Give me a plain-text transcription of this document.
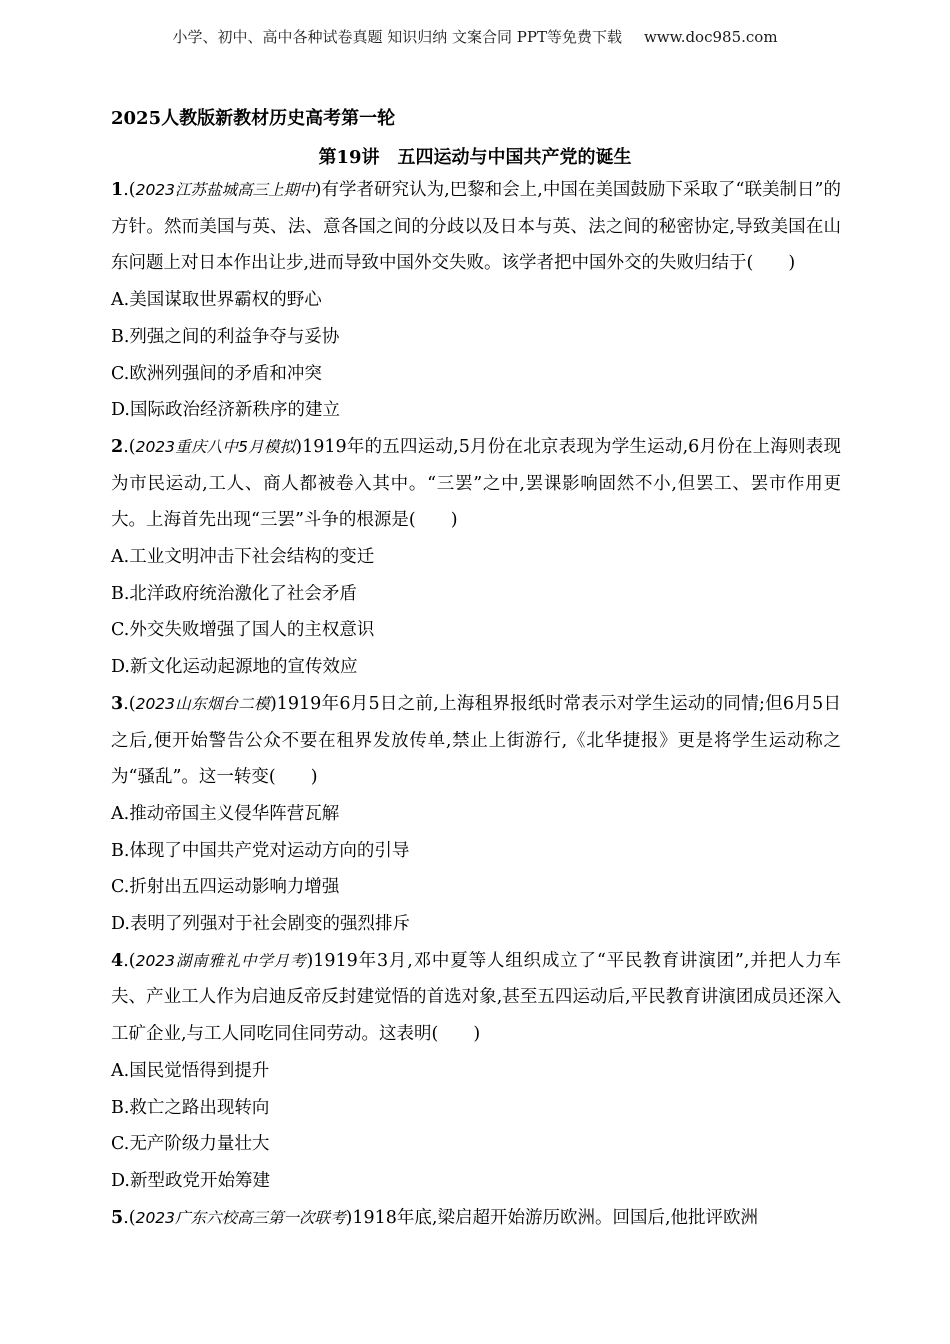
小学、初中、高中各种试卷真题 知识归纳 文案合同 PPT等免费下载 www.doc985.com
2025人教版新教材历史高考第一轮
第19讲　五四运动与中国共产党的诞生
1.(2023江苏盐城高三上期中)有学者研究认为,巴黎和会上,中国在美国鼓励下采取了“联美制日”的方针。然而美国与英、法、意各国之间的分歧以及日本与英、法之间的秘密协定,导致美国在山东问题上对日本作出让步,进而导致中国外交失败。该学者把中国外交的失败归结于(　　)
A.美国谋取世界霸权的野心
B.列强之间的利益争夺与妥协
C.欧洲列强间的矛盾和冲突
D.国际政治经济新秩序的建立
2.(2023重庆八中5月模拟)1919年的五四运动,5月份在北京表现为学生运动,6月份在上海则表现为市民运动,工人、商人都被卷入其中。“三罢”之中,罢课影响固然不小,但罢工、罢市作用更大。上海首先出现“三罢”斗争的根源是(　　)
A.工业文明冲击下社会结构的变迁
B.北洋政府统治激化了社会矛盾
C.外交失败增强了国人的主权意识
D.新文化运动起源地的宣传效应
3.(2023山东烟台二模)1919年6月5日之前,上海租界报纸时常表示对学生运动的同情;但6月5日之后,便开始警告公众不要在租界发放传单,禁止上街游行,《北华捷报》更是将学生运动称之为“骚乱”。这一转变(　　)
A.推动帝国主义侵华阵营瓦解
B.体现了中国共产党对运动方向的引导
C.折射出五四运动影响力增强
D.表明了列强对于社会剧变的强烈排斥
4.(2023湖南雅礼中学月考)1919年3月,邓中夏等人组织成立了“平民教育讲演团”,并把人力车夫、产业工人作为启迪反帝反封建觉悟的首选对象,甚至五四运动后,平民教育讲演团成员还深入工矿企业,与工人同吃同住同劳动。这表明(　　)
A.国民觉悟得到提升
B.救亡之路出现转向
C.无产阶级力量壮大
D.新型政党开始筹建
5.(2023广东六校高三第一次联考)1918年底,梁启超开始游历欧洲。回国后,他批评欧洲
